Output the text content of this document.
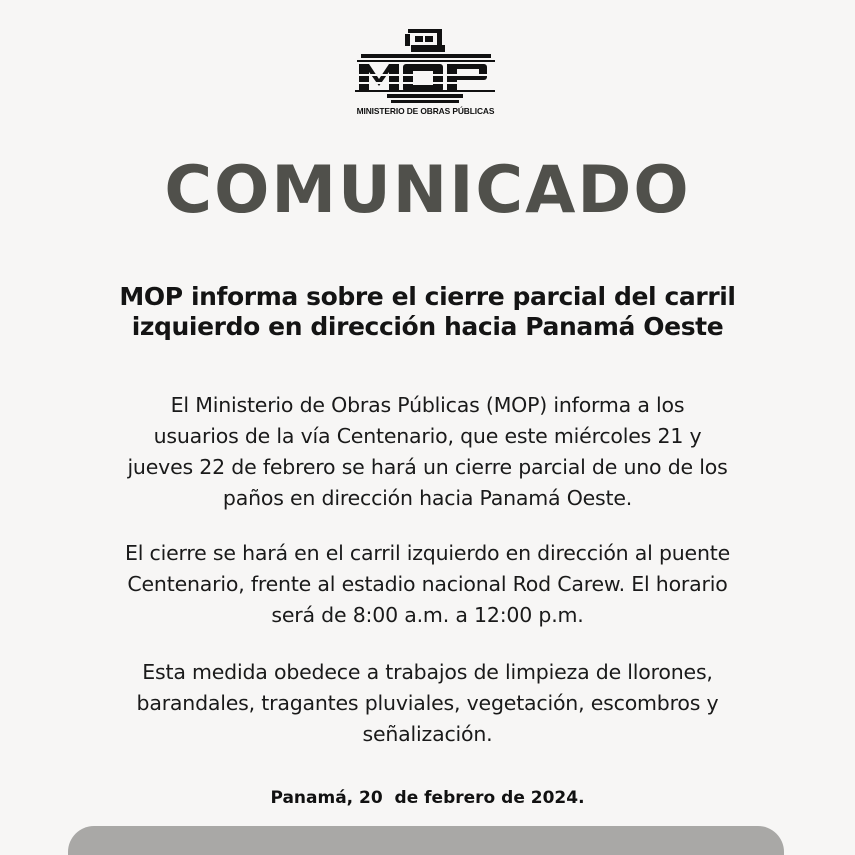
MINISTERIO DE OBRAS PÚBLICAS
COMUNICADO
MOP informa sobre el cierre parcial del carril
izquierdo en dirección hacia Panamá Oeste
El Ministerio de Obras Públicas (MOP) informa a los
usuarios de la vía Centenario, que este miércoles 21 y
jueves 22 de febrero se hará un cierre parcial de uno de los
paños en dirección hacia Panamá Oeste.
El cierre se hará en el carril izquierdo en dirección al puente
Centenario, frente al estadio nacional Rod Carew. El horario
será de 8:00 a.m. a 12:00 p.m.
Esta medida obedece a trabajos de limpieza de llorones,
barandales, tragantes pluviales, vegetación, escombros y
señalización.
Panamá, 20  de febrero de 2024.
